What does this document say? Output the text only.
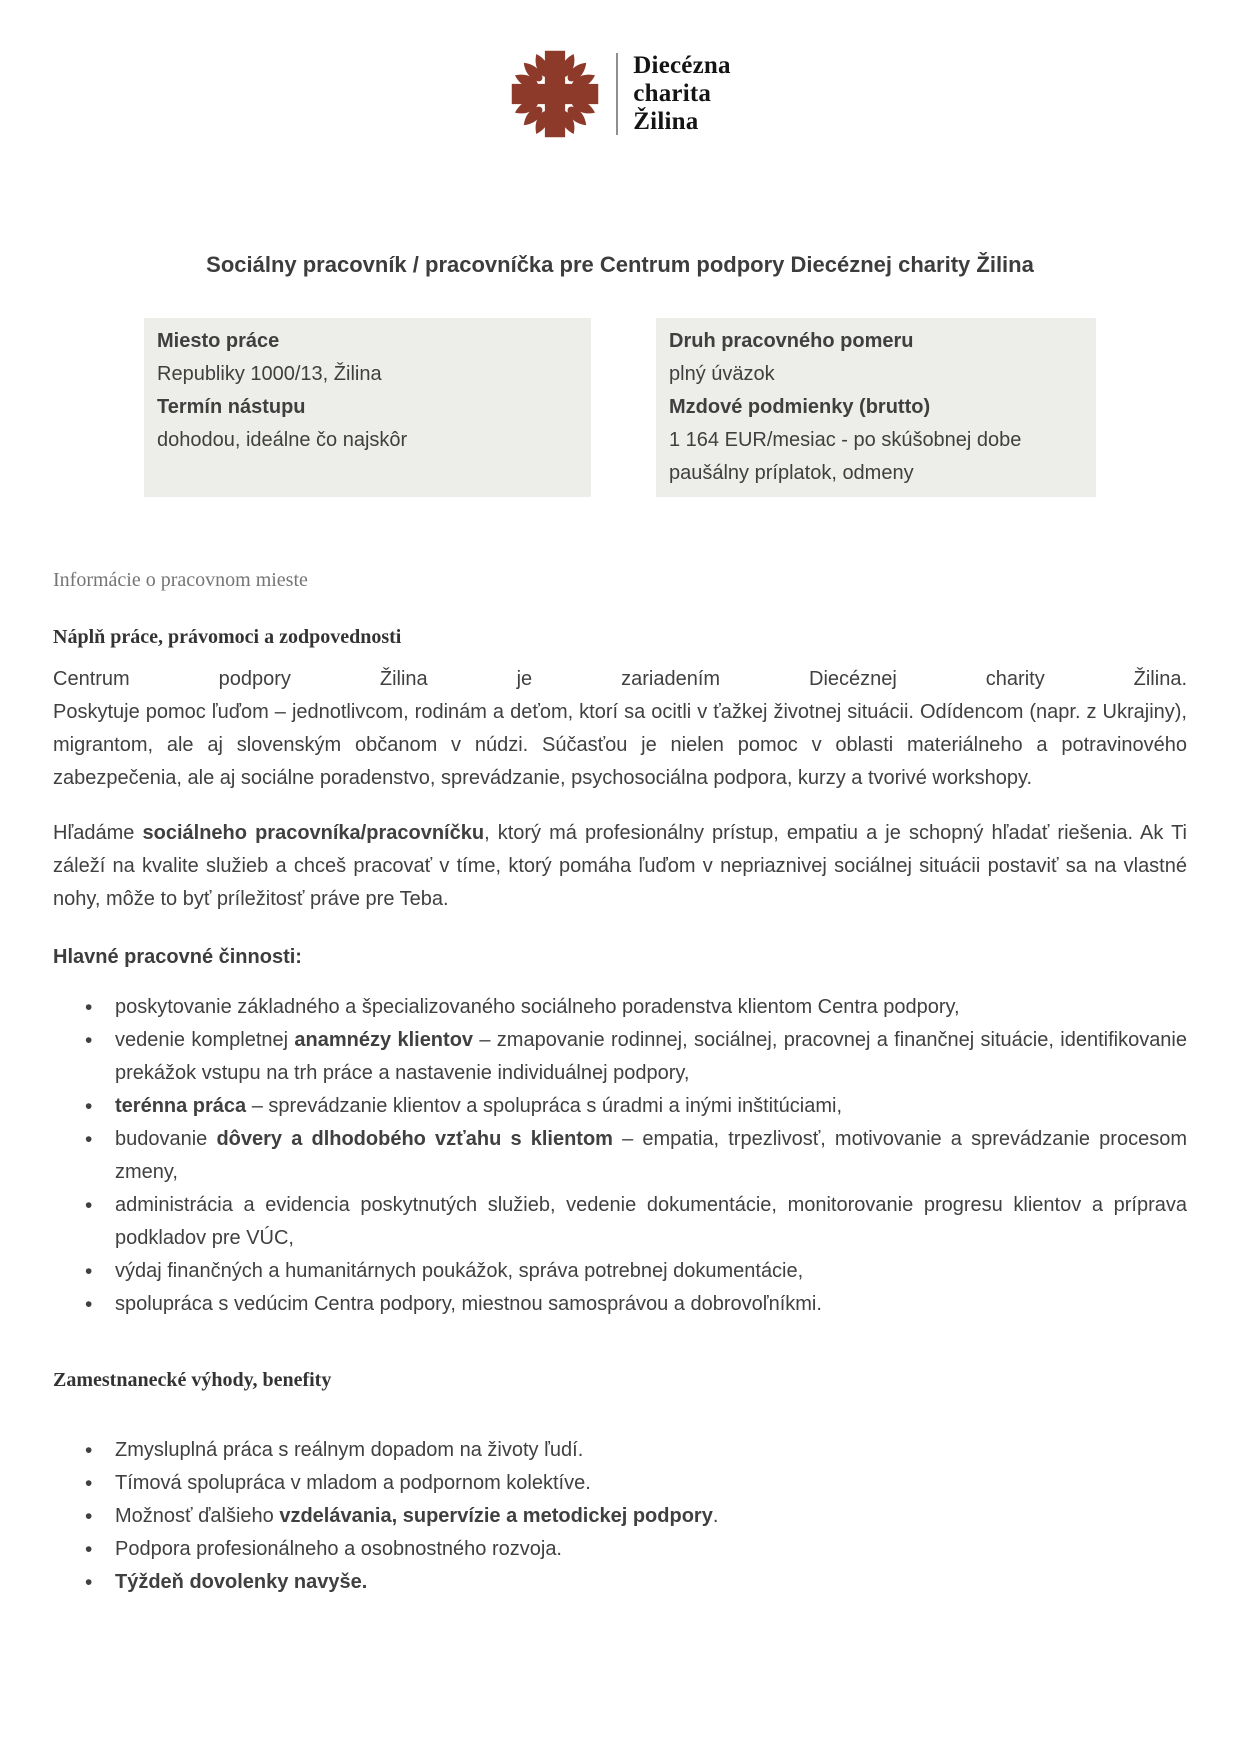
Diecézna
charita
Žilina
Sociálny pracovník / pracovníčka pre Centrum podpory Diecéznej charity Žilina
Miesto práce
Republiky 1000/13, Žilina
Termín nástupu
dohodou, ideálne čo najskôr
Druh pracovného pomeru
plný úväzok
Mzdové podmienky (brutto)
1 164 EUR/mesiac - po skúšobnej dobe
paušálny príplatok, odmeny
Informácie o pracovnom mieste
Náplň práce, právomoci a zodpovednosti
Centrum podpory Žilina je zariadením Diecéznej charity Žilina.
Poskytuje pomoc ľuďom – jednotlivcom, rodinám a deťom, ktorí sa ocitli v ťažkej životnej situácii. Odídencom (napr. z Ukrajiny), migrantom, ale aj slovenským občanom v núdzi. Súčasťou je nielen pomoc v oblasti materiálneho a potravinového zabezpečenia, ale aj sociálne poradenstvo, sprevádzanie, psychosociálna podpora, kurzy a tvorivé workshopy.
Hľadáme sociálneho pracovníka/pracovníčku, ktorý má profesionálny prístup, empatiu a je schopný hľadať riešenia. Ak Ti záleží na kvalite služieb a chceš pracovať v tíme, ktorý pomáha ľuďom v nepriaznivej sociálnej situácii postaviť sa na vlastné nohy, môže to byť príležitosť práve pre Teba.
Hlavné pracovné činnosti:
• poskytovanie základného a špecializovaného sociálneho poradenstva klientom Centra podpory,
• vedenie kompletnej anamnézy klientov – zmapovanie rodinnej, sociálnej, pracovnej a finančnej situácie, identifikovanie prekážok vstupu na trh práce a nastavenie individuálnej podpory,
• terénna práca – sprevádzanie klientov a spolupráca s úradmi a inými inštitúciami,
• budovanie dôvery a dlhodobého vzťahu s klientom – empatia, trpezlivosť, motivovanie a sprevádzanie procesom zmeny,
• administrácia a evidencia poskytnutých služieb, vedenie dokumentácie, monitorovanie progresu klientov a príprava podkladov pre VÚC,
• výdaj finančných a humanitárnych poukážok, správa potrebnej dokumentácie,
• spolupráca s vedúcim Centra podpory, miestnou samosprávou a dobrovoľníkmi.
Zamestnanecké výhody, benefity
• Zmysluplná práca s reálnym dopadom na životy ľudí.
• Tímová spolupráca v mladom a podpornom kolektíve.
• Možnosť ďalšieho vzdelávania, supervízie a metodickej podpory.
• Podpora profesionálneho a osobnostného rozvoja.
• Týždeň dovolenky navyše.
